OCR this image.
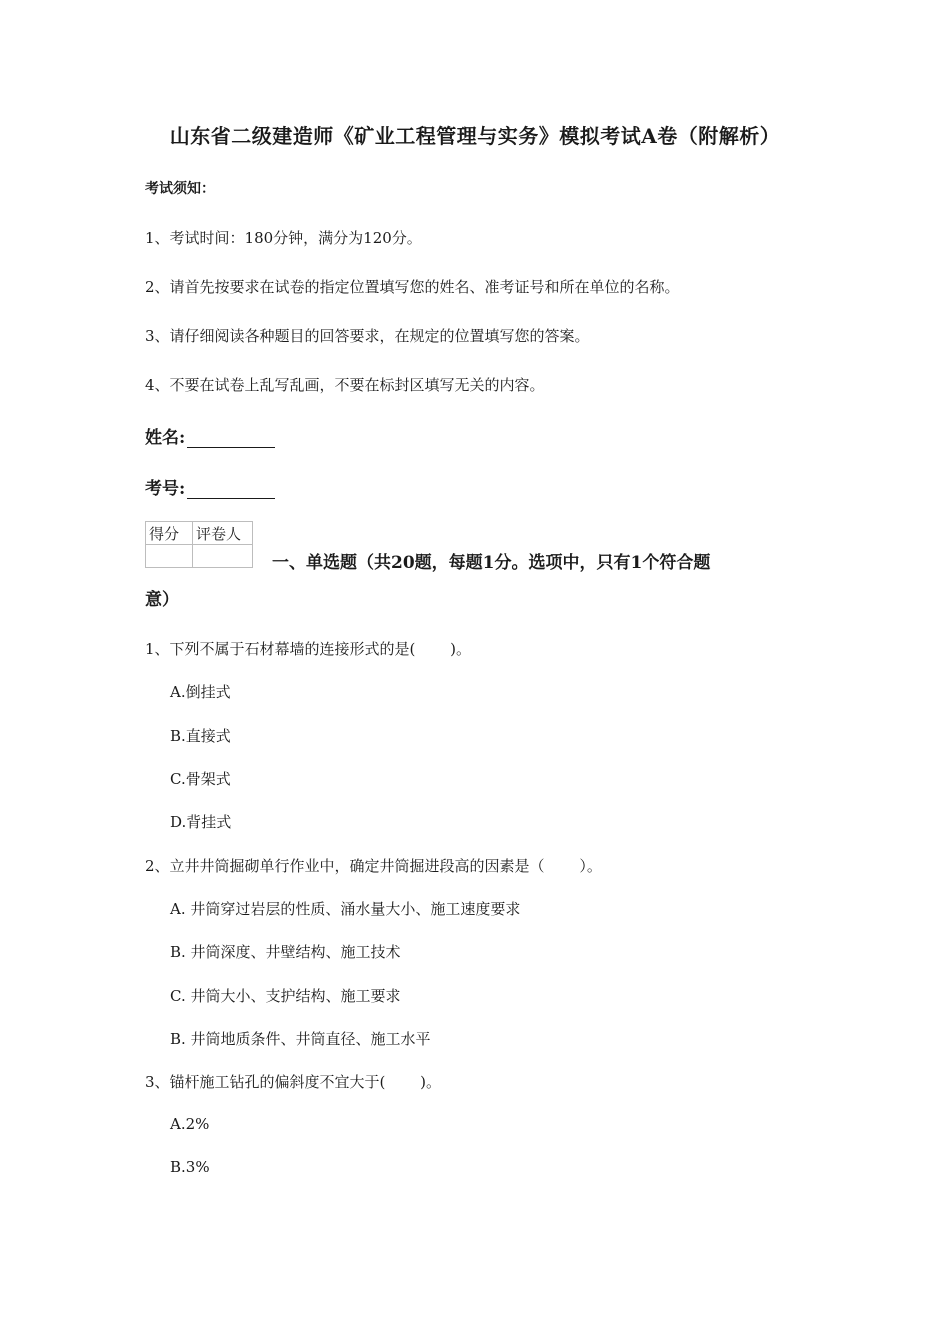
山东省二级建造师《矿业工程管理与实务》模拟考试A卷（附解析）
考试须知：
1、考试时间：180分钟，满分为120分。
2、请首先按要求在试卷的指定位置填写您的姓名、准考证号和所在单位的名称。
3、请仔细阅读各种题目的回答要求，在规定的位置填写您的答案。
4、不要在试卷上乱写乱画，不要在标封区填写无关的内容。
姓名:
考号:
得分	评卷人

一、单选题（共20题，每题1分。选项中，只有1个符合题
意）
1、下列不属于石材幕墙的连接形式的是(　　 )。
A.倒挂式
B.直接式
C.骨架式
D.背挂式
2、立井井筒掘砌单行作业中，确定井筒掘进段高的因素是（　　 ）。
A. 井筒穿过岩层的性质、涌水量大小、施工速度要求
B. 井筒深度、井壁结构、施工技术
C. 井筒大小、支护结构、施工要求
B. 井筒地质条件、井筒直径、施工水平
3、锚杆施工钻孔的偏斜度不宜大于(　　 )。
A.2%
B.3%
